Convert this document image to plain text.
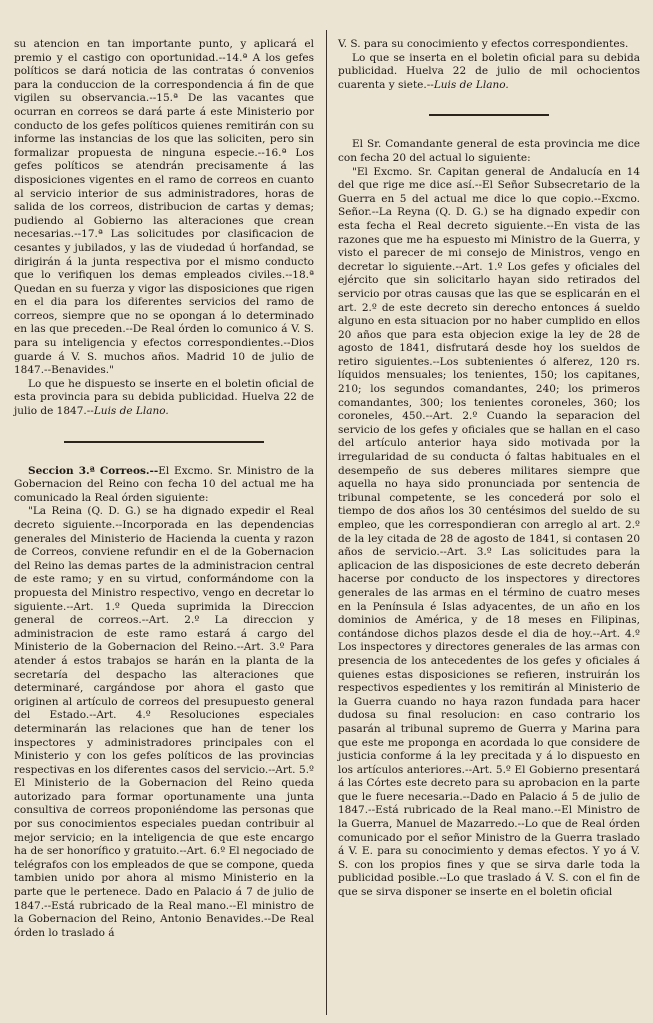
su atencion en tan importante punto, y aplicará el premio y el castigo con oportunidad.--14.ª A los gefes políticos se dará noticia de las contratas ó convenios para la conduccion de la correspondencia á fin de que vigilen su observancia.--15.ª De las vacantes que ocurran en correos se dará parte á este Ministerio por conducto de los gefes políticos quienes remitirán con su informe las instancias de los que las soliciten, pero sin formalizar propuesta de ninguna especie.--16.ª Los gefes políticos se atendrán precisamente á las disposiciones vigentes en el ramo de correos en cuanto al servicio interior de sus administradores, horas de salida de los correos, distribucion de cartas y demas; pudiendo al Gobierno las alteraciones que crean necesarias.--17.ª Las solicitudes por clasificacion de cesantes y jubilados, y las de viudedad ú horfandad, se dirigirán á la junta respectiva por el mismo conducto que lo verifiquen los demas empleados civiles.--18.ª Quedan en su fuerza y vigor las disposiciones que rigen en el dia para los diferentes servicios del ramo de correos, siempre que no se opongan á lo determinado en las que preceden.--De Real órden lo comunico á V. S. para su inteligencia y efectos correspondientes.--Dios guarde á V. S. muchos años. Madrid 10 de julio de 1847.--Benavides."

Lo que he dispuesto se inserte en el boletin oficial de esta provincia para su debida publicidad. Huelva 22 de julio de 1847.--Luis de Llano.

Seccion 3.ª Correos.--El Excmo. Sr. Ministro de la Gobernacion del Reino con fecha 10 del actual me ha comunicado la Real órden siguiente:

"La Reina (Q. D. G.) se ha dignado expedir el Real decreto siguiente.--Incorporada en las dependencias generales del Ministerio de Hacienda la cuenta y razon de Correos, conviene refundir en el de la Gobernacion del Reino las demas partes de la administracion central de este ramo; y en su virtud, conformándome con la propuesta del Ministro respectivo, vengo en decretar lo siguiente.--Art. 1.º Queda suprimida la Direccion general de correos.--Art. 2.º La direccion y administracion de este ramo estará á cargo del Ministerio de la Gobernacion del Reino.--Art. 3.º Para atender á estos trabajos se harán en la planta de la secretaría del despacho las alteraciones que determinaré, cargándose por ahora el gasto que originen al artículo de correos del presupuesto general del Estado.--Art. 4.º Resoluciones especiales determinarán las relaciones que han de tener los inspectores y administradores principales con el Ministerio y con los gefes políticos de las provincias respectivas en los diferentes casos del servicio.--Art. 5.º El Ministerio de la Gobernacion del Reino queda autorizado para formar oportunamente una junta consultiva de correos proponiéndome las personas que por sus conocimientos especiales puedan contribuir al mejor servicio; en la inteligencia de que este encargo ha de ser honorífico y gratuito.--Art. 6.º El negociado de telégrafos con los empleados de que se compone, queda tambien unido por ahora al mismo Ministerio en la parte que le pertenece. Dado en Palacio á 7 de julio de 1847.--Está rubricado de la Real mano.--El ministro de la Gobernacion del Reino, Antonio Benavides.--De Real órden lo traslado á

V. S. para su conocimiento y efectos correspondientes.

Lo que se inserta en el boletin oficial para su debida publicidad. Huelva 22 de julio de mil ochocientos cuarenta y siete.--Luis de Llano.

El Sr. Comandante general de esta provincia me dice con fecha 20 del actual lo siguiente:

"El Excmo. Sr. Capitan general de Andalucía en 14 del que rige me dice así.--El Señor Subsecretario de la Guerra en 5 del actual me dice lo que copio.--Excmo. Señor.--La Reyna (Q. D. G.) se ha dignado expedir con esta fecha el Real decreto siguiente.--En vista de las razones que me ha espuesto mi Ministro de la Guerra, y visto el parecer de mi consejo de Ministros, vengo en decretar lo siguiente.--Art. 1.º Los gefes y oficiales del ejército que sin solicitarlo hayan sido retirados del servicio por otras causas que las que se esplicarán en el art. 2.º de este decreto sin derecho entonces á sueldo alguno en esta situacion por no haber cumplido en ellos 20 años que para esta objecion exige la ley de 28 de agosto de 1841, disfrutará desde hoy los sueldos de retiro siguientes.--Los subtenientes ó alferez, 120 rs. líquidos mensuales; los tenientes, 150; los capitanes, 210; los segundos comandantes, 240; los primeros comandantes, 300; los tenientes coroneles, 360; los coroneles, 450.--Art. 2.º Cuando la separacion del servicio de los gefes y oficiales que se hallan en el caso del artículo anterior haya sido motivada por la irregularidad de su conducta ó faltas habituales en el desempeño de sus deberes militares siempre que aquella no haya sido pronunciada por sentencia de tribunal competente, se les concederá por solo el tiempo de dos años los 30 centésimos del sueldo de su empleo, que les correspondieran con arreglo al art. 2.º de la ley citada de 28 de agosto de 1841, si contasen 20 años de servicio.--Art. 3.º Las solicitudes para la aplicacion de las disposiciones de este decreto deberán hacerse por conducto de los inspectores y directores generales de las armas en el término de cuatro meses en la Península é Islas adyacentes, de un año en los dominios de América, y de 18 meses en Filipinas, contándose dichos plazos desde el dia de hoy.--Art. 4.º Los inspectores y directores generales de las armas con presencia de los antecedentes de los gefes y oficiales á quienes estas disposiciones se refieren, instruirán los respectivos espedientes y los remitirán al Ministerio de la Guerra cuando no haya razon fundada para hacer dudosa su final resolucion: en caso contrario los pasarán al tribunal supremo de Guerra y Marina para que este me proponga en acordada lo que considere de justicia conforme á la ley precitada y á lo dispuesto en los artículos anteriores.--Art. 5.º El Gobierno presentará á las Córtes este decreto para su aprobacion en la parte que le fuere necesaria.--Dado en Palacio á 5 de julio de 1847.--Está rubricado de la Real mano.--El Ministro de la Guerra, Manuel de Mazarredo.--Lo que de Real órden comunicado por el señor Ministro de la Guerra traslado á V. E. para su conocimiento y demas efectos. Y yo á V. S. con los propios fines y que se sirva darle toda la publicidad posible.--Lo que traslado á V. S. con el fin de que se sirva disponer se inserte en el boletin oficial
